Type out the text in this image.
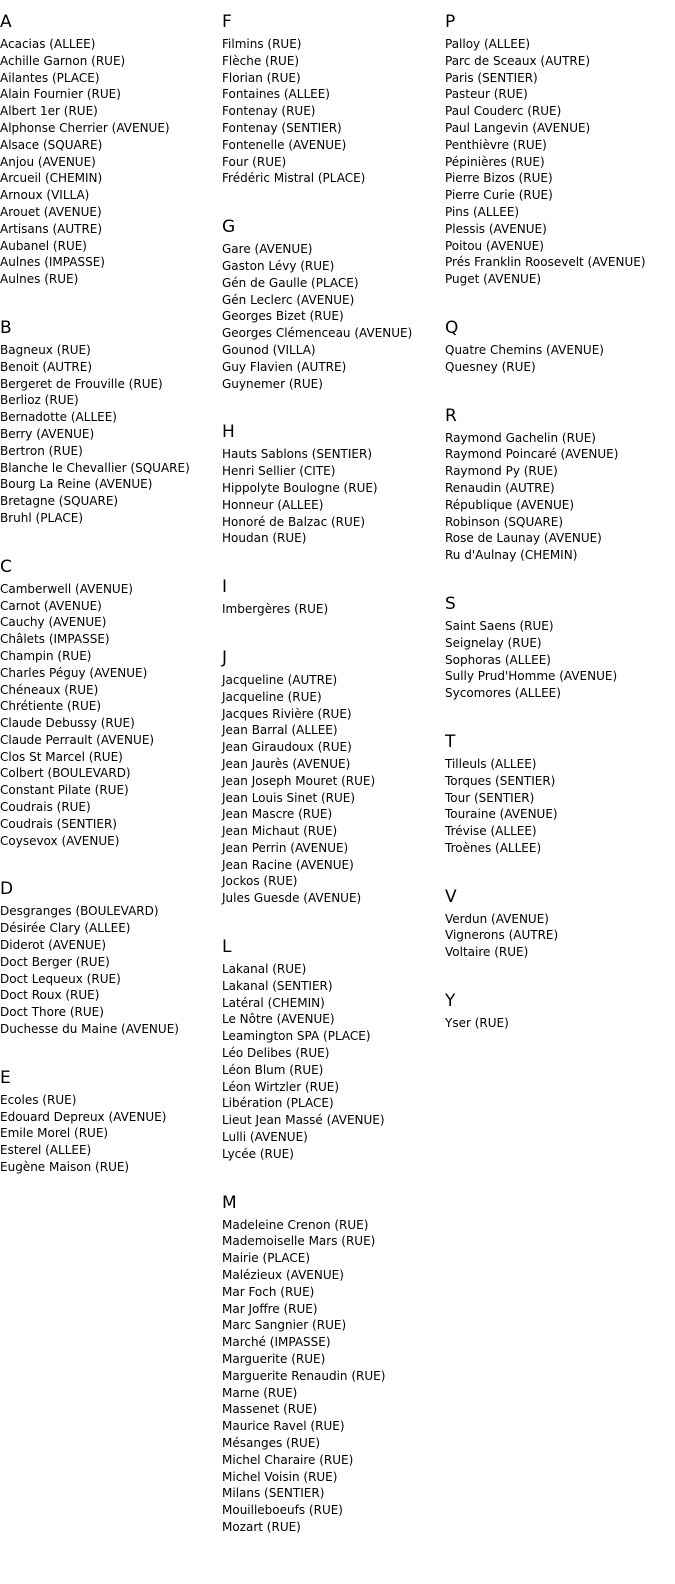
A
Acacias (ALLEE)
Achille Garnon (RUE)
Ailantes (PLACE)
Alain Fournier (RUE)
Albert 1er (RUE)
Alphonse Cherrier (AVENUE)
Alsace (SQUARE)
Anjou (AVENUE)
Arcueil (CHEMIN)
Arnoux (VILLA)
Arouet (AVENUE)
Artisans (AUTRE)
Aubanel (RUE)
Aulnes (IMPASSE)
Aulnes (RUE)
B
Bagneux (RUE)
Benoit (AUTRE)
Bergeret de Frouville (RUE)
Berlioz (RUE)
Bernadotte (ALLEE)
Berry (AVENUE)
Bertron (RUE)
Blanche le Chevallier (SQUARE)
Bourg La Reine (AVENUE)
Bretagne (SQUARE)
Bruhl (PLACE)
C
Camberwell (AVENUE)
Carnot (AVENUE)
Cauchy (AVENUE)
Châlets (IMPASSE)
Champin (RUE)
Charles Péguy (AVENUE)
Chéneaux (RUE)
Chrétiente (RUE)
Claude Debussy (RUE)
Claude Perrault (AVENUE)
Clos St Marcel (RUE)
Colbert (BOULEVARD)
Constant Pilate (RUE)
Coudrais (RUE)
Coudrais (SENTIER)
Coysevox (AVENUE)
D
Desgranges (BOULEVARD)
Désirée Clary (ALLEE)
Diderot (AVENUE)
Doct Berger (RUE)
Doct Lequeux (RUE)
Doct Roux (RUE)
Doct Thore (RUE)
Duchesse du Maine (AVENUE)
E
Ecoles (RUE)
Edouard Depreux (AVENUE)
Emile Morel (RUE)
Esterel (ALLEE)
Eugène Maison (RUE)
F
Filmins (RUE)
Flèche (RUE)
Florian (RUE)
Fontaines (ALLEE)
Fontenay (RUE)
Fontenay (SENTIER)
Fontenelle (AVENUE)
Four (RUE)
Frédéric Mistral (PLACE)
G
Gare (AVENUE)
Gaston Lévy (RUE)
Gén de Gaulle (PLACE)
Gén Leclerc (AVENUE)
Georges Bizet (RUE)
Georges Clémenceau (AVENUE)
Gounod (VILLA)
Guy Flavien (AUTRE)
Guynemer (RUE)
H
Hauts Sablons (SENTIER)
Henri Sellier (CITE)
Hippolyte Boulogne (RUE)
Honneur (ALLEE)
Honoré de Balzac (RUE)
Houdan (RUE)
I
Imbergères (RUE)
J
Jacqueline (AUTRE)
Jacqueline (RUE)
Jacques Rivière (RUE)
Jean Barral (ALLEE)
Jean Giraudoux (RUE)
Jean Jaurès (AVENUE)
Jean Joseph Mouret (RUE)
Jean Louis Sinet (RUE)
Jean Mascre (RUE)
Jean Michaut (RUE)
Jean Perrin (AVENUE)
Jean Racine (AVENUE)
Jockos (RUE)
Jules Guesde (AVENUE)
L
Lakanal (RUE)
Lakanal (SENTIER)
Latéral (CHEMIN)
Le Nôtre (AVENUE)
Leamington SPA (PLACE)
Léo Delibes (RUE)
Léon Blum (RUE)
Léon Wirtzler (RUE)
Libération (PLACE)
Lieut Jean Massé (AVENUE)
Lulli (AVENUE)
Lycée (RUE)
M
Madeleine Crenon (RUE)
Mademoiselle Mars (RUE)
Mairie (PLACE)
Malézieux (AVENUE)
Mar Foch (RUE)
Mar Joffre (RUE)
Marc Sangnier (RUE)
Marché (IMPASSE)
Marguerite (RUE)
Marguerite Renaudin (RUE)
Marne (RUE)
Massenet (RUE)
Maurice Ravel (RUE)
Mésanges (RUE)
Michel Charaire (RUE)
Michel Voisin (RUE)
Milans (SENTIER)
Mouilleboeufs (RUE)
Mozart (RUE)
P
Palloy (ALLEE)
Parc de Sceaux (AUTRE)
Paris (SENTIER)
Pasteur (RUE)
Paul Couderc (RUE)
Paul Langevin (AVENUE)
Penthièvre (RUE)
Pépinières (RUE)
Pierre Bizos (RUE)
Pierre Curie (RUE)
Pins (ALLEE)
Plessis (AVENUE)
Poitou (AVENUE)
Prés Franklin Roosevelt (AVENUE)
Puget (AVENUE)
Q
Quatre Chemins (AVENUE)
Quesney (RUE)
R
Raymond Gachelin (RUE)
Raymond Poincaré (AVENUE)
Raymond Py (RUE)
Renaudin (AUTRE)
République (AVENUE)
Robinson (SQUARE)
Rose de Launay (AVENUE)
Ru d'Aulnay (CHEMIN)
S
Saint Saens (RUE)
Seignelay (RUE)
Sophoras (ALLEE)
Sully Prud'Homme (AVENUE)
Sycomores (ALLEE)
T
Tilleuls (ALLEE)
Torques (SENTIER)
Tour (SENTIER)
Touraine (AVENUE)
Trévise (ALLEE)
Troènes (ALLEE)
V
Verdun (AVENUE)
Vignerons (AUTRE)
Voltaire (RUE)
Y
Yser (RUE)
